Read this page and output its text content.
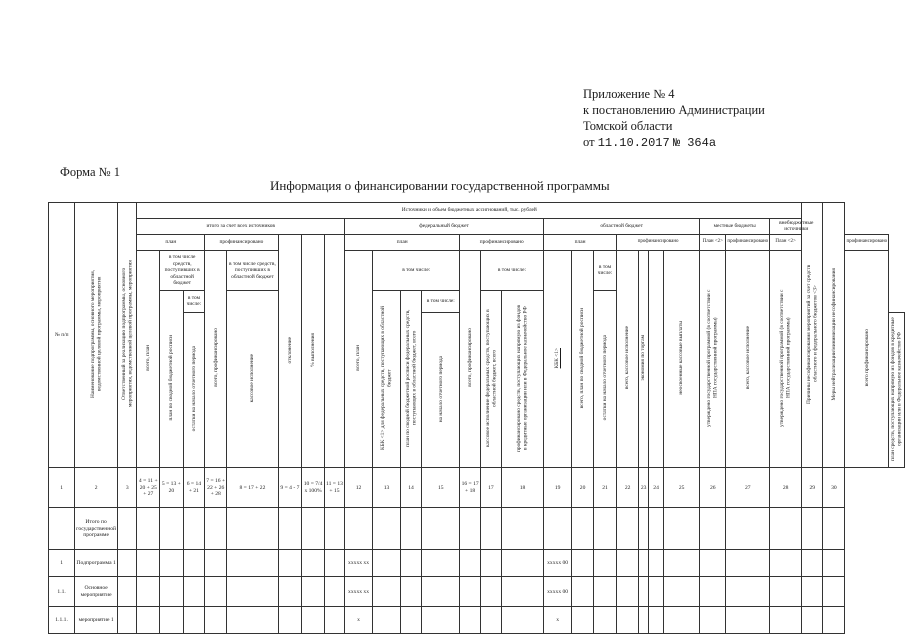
Приложение № 4
к постановлению Администрации
Томской области
от 11.10.2017 № 364а
Форма № 1
Информация о финансировании государственной программы
№ п/п	Наименование подпрограммы, основного мероприятия, ведомственной целевой программы, мероприятия	Ответственный за реализацию подпрограммы, основного мероприятия, ведомственной целевой программы, мероприятия	Источники и объем бюджетных ассигнований, тыс. рублей																									Причины несофинансирования мероприятий за счет средств областного и федерального бюджетов <3>	Меры нейтрализации/минимизации несофинансирования		
			итого за счет всех источников								федеральный бюджет							областной бюджет							местные бюджеты		внебюджетные источники				
			план			профинансировано		отклонение	% выполнения		план				профинансировано			план			профинансировано				План <2>	профинансировано	План <2>			профинансировано	
			всего, план	в том числе средств, поступивших в областной бюджет		всего, профинансировано	в том числе средств, поступивших в областной бюджет				всего, план	в том числе:			всего, профинансировано	в том числе:		КБК <1>	всего, план по сводной бюджетной росписи	в том числе:	всего, кассовое исполнение	экономия по торгам		неосвоенные кассовые выплаты	утверждено государственной программой (в соответствии с НПА государственной программы)	всего, кассовое исполнение	утверждено государственной программой (в соответствии с НПА государственной программы)			всего профинансировано	
				план по сводной бюджетной росписи	в том числе:		кассовое исполнение					КБК <1> для федеральных средств, поступающих в областной бюджет	план по сводной бюджетной росписи федеральных средств, поступающих в областной бюджет, всего	в том числе:		кассовое исполнение федеральных средств, поступающих в областной бюджет, всего	профинансировано средств, поступающих напрямую из фондов в кредитные организации или в Федеральное казначейство РФ			остатки на начало отчетного периода											
					остатки на начало отчетного периода									на начало отчетного периода																	план средств, поступающих напрямую из фондов в кредитные организации или в Федеральное казначейство РФ
1	2	3	4 = 11 + 20 + 25 + 27	5 = 13 + 20	6 = 14 + 21	7 = 16 + 22 + 26 + 28	8 = 17 + 22	9 = 4 - 7	10 = 7/4 x 100%	11 = 13 + 15	12	13	14	15	16 = 17 + 18	17	18	19	20	21	22	23	24	25	26	27	28	29	30		
	Итого по государственной программе																														
1	Подпрограмма 1										xxxxx xx							xxxxx 00													
1.1.	Основное мероприятие										xxxxx xx							xxxxx 00													
1.1.1.	мероприятие 1										x							x													
